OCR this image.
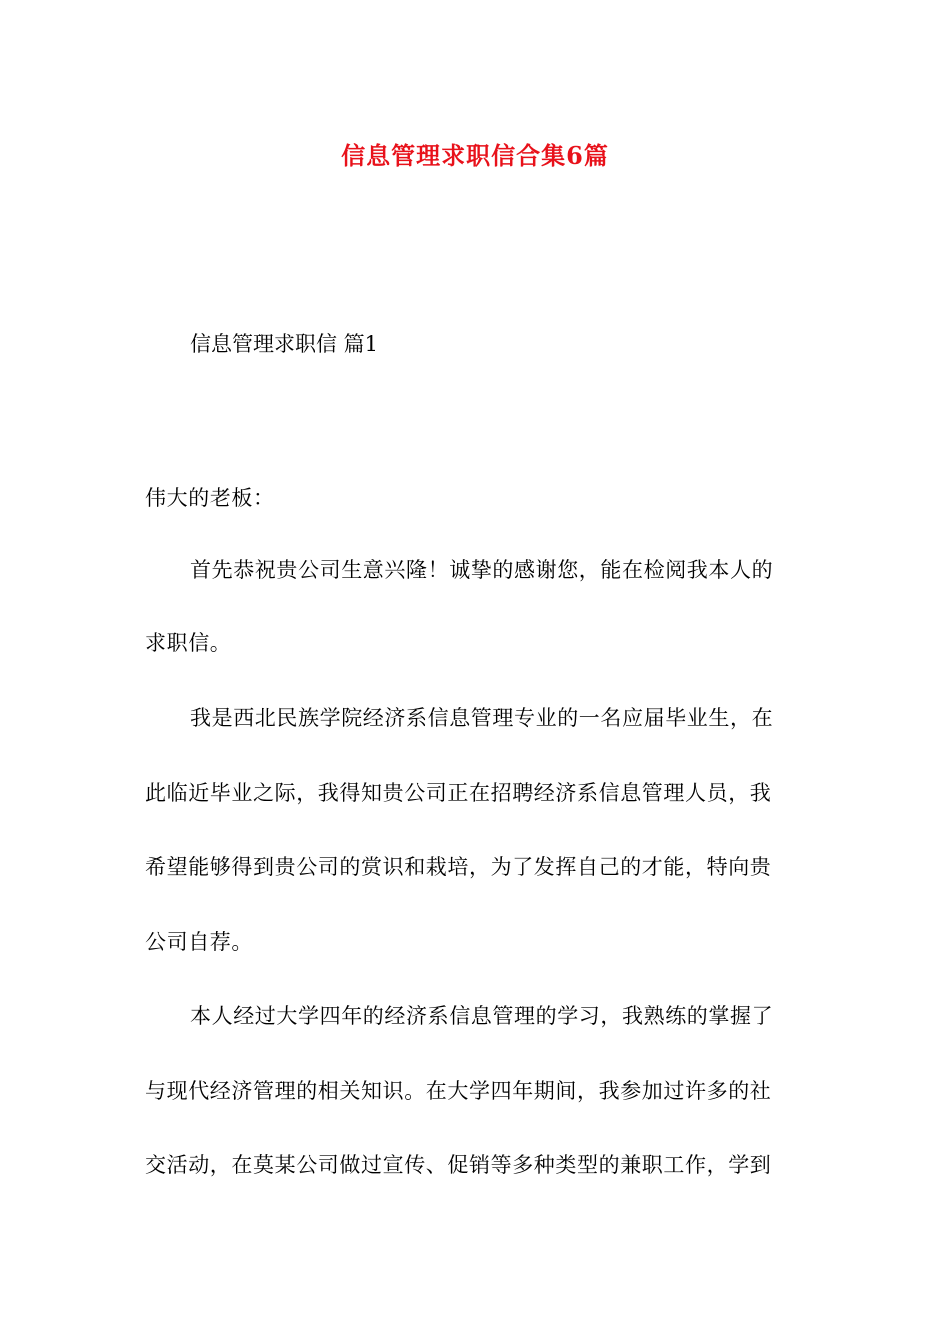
信息管理求职信合集6篇
信息管理求职信 篇1
伟大的老板：
首先恭祝贵公司生意兴隆！诚挚的感谢您，能在检阅我本人的
求职信。
我是西北民族学院经济系信息管理专业的一名应届毕业生，在
此临近毕业之际，我得知贵公司正在招聘经济系信息管理人员，我
希望能够得到贵公司的赏识和栽培，为了发挥自己的才能，特向贵
公司自荐。
本人经过大学四年的经济系信息管理的学习，我熟练的掌握了
与现代经济管理的相关知识。在大学四年期间，我参加过许多的社
交活动，在莫某公司做过宣传、促销等多种类型的兼职工作，学到
